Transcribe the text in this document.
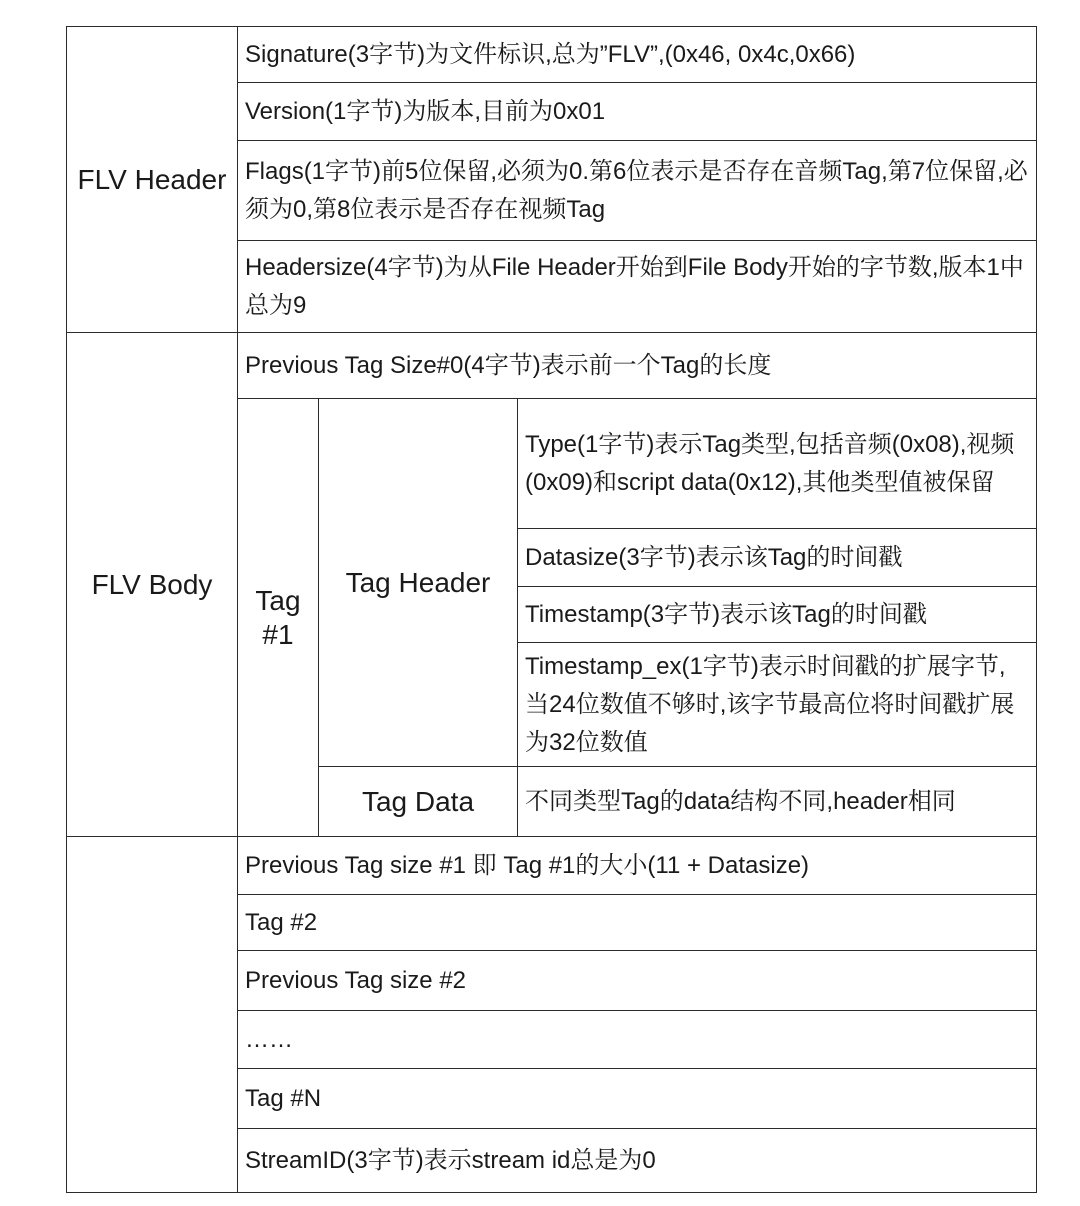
FLV Header
Signature(3字节)为文件标识,总为”FLV”,(0x46, 0x4c,0x66)
Version(1字节)为版本,目前为0x01
Flags(1字节)前5位保留,必须为0.第6位表示是否存在音频Tag,第7位保留,必须为0,第8位表示是否存在视频Tag
Headersize(4字节)为从File Header开始到File Body开始的字节数,版本1中总为9
FLV Body
Previous Tag Size#0(4字节)表示前一个Tag的长度
Tag #1
Tag Header
Type(1字节)表示Tag类型,包括音频(0x08),视频(0x09)和script data(0x12),其他类型值被保留
Datasize(3字节)表示该Tag的时间戳
Timestamp(3字节)表示该Tag的时间戳
Timestamp_ex(1字节)表示时间戳的扩展字节,当24位数值不够时,该字节最高位将时间戳扩展为32位数值
Tag Data 不同类型Tag的data结构不同,header相同
Previous Tag size #1 即 Tag #1的大小(11 + Datasize)
Tag #2
Previous Tag size #2
……
Tag #N
StreamID(3字节)表示stream id总是为0
